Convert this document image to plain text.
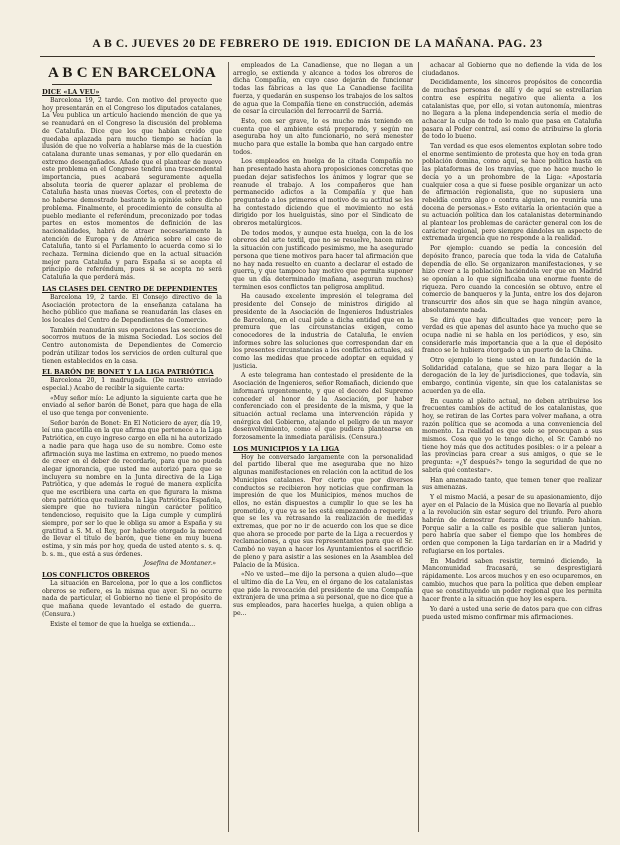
A B C. JUEVES 20 DE FEBRERO DE 1919. EDICION DE LA MAÑANA. PAG. 23
A B C EN BARCELONA
DICE «LA VEU»
Barcelona 19, 2 tarde. Con motivo del proyecto que hoy presentarán en el Congreso los diputados catalanes, La Veu publica un artículo haciendo mención de que ya se reanudará en el Congreso la discusión del problema de Cataluña. Dice que los que habían creído que quedaba aplazada para mucho tiempo se hacían la ilusión de que no volvería a hablarse más de la cuestión catalana durante unas semanas, y por ello quedarán en extremo desengañados. Añade que el plantear de nuevo este problema en el Congreso tendrá una trascendental importancia, pues acabará seguramente aquella absoluta teoría de querer aplazar el problema de Cataluña hasta unas nuevas Cortes, con el pretexto de no haberse demostrado bastante la opinión sobre dicho problema. Finalmente, el procedimiento de consulta al pueblo mediante el referéndum, preconizado por todas partes en estos momentos de definición de las nacionalidades, habrá de atraer necesariamente la atención de Europa y de América sobre el caso de Cataluña, tanto si el Parlamento lo acuerda como si lo rechaza. Termina diciendo que en la actual situación mejor para Cataluña y para España si se acepta el principio de referéndum, pues si se acepta no será Cataluña la que perderá más.
LAS CLASES DEL CENTRO DE DEPENDIENTES
Barcelona 19, 2 tarde. El Consejo directivo de la Asociación protectora de la enseñanza catalana ha hecho público que mañana se reanudarán las clases en los locales del Centro de Dependientes de Comercio.
También reanudarán sus operaciones las secciones de socorros mutuos de la misma Sociedad. Los socios del Centro autonomista de Dependientes de Comercio podrán utilizar todos los servicios de orden cultural que tienen establecidos en la casa.
EL BARÓN DE BONET Y LA LIGA PATRIÓTICA
Barcelona 20, 1 madrugada. (De nuestro enviado especial.) Acabo de recibir la siguiente carta:
«Muy señor mío: Le adjunto la siguiente carta que he enviado al señor barón de Bonet, para que haga de ella el uso que tenga por conveniente.
Señor barón de Bonet: En El Noticiero de ayer, día 19, leí una gacetilla en la que afirma que pertenece a la Liga Patriótica, en cuyo ingreso cargo en ella ni ha autorizado a nadie para que haga uso de su nombre. Como este afirmación suya me lastima en extremo, no puedo menos de creer en el deber de recordarle, para que no pueda alegar ignorancia, que usted me autorizó para que se incluyera su nombre en la Junta directiva de la Liga Patriótica, y que además le rogué de manera explícita que me escribiera una carta en que figurara la misma obra patriótica que realizaba la Liga Patriótica Española, siempre que no tuviera ningún carácter político tendencioso, requisito que la Liga cumple y cumplirá siempre, por ser lo que le obliga su amor a España y su gratitud a S. M. el Rey, por haberle otorgado la merced de llevar el título de barón, que tiene en muy buena estima, y sin más por hoy, queda de usted atento s. s. q. b. s. m., que está a sus órdenes.
Josefina de Montaner.»
LOS CONFLICTOS OBREROS
La situación en Barcelona, por lo que a los conflictos obreros se refiere, es la misma que ayer. Si no ocurre nada de particular, el Gobierno no tiene el propósito de que mañana quede levantado el estado de guerra. (Censura.)
Existe el temor de que la huelga se extienda...
empleados de La Canadiense, que no llegan a un arreglo, se extienda y alcance a todos los obreros de dicha Compañía, en cuyo caso dejarán de funcionar todas las fábricas a las que La Canadiense facilita fuerza, y quedarán en suspenso los trabajos de los saltos de agua que la Compañía tiene en construcción, además de cesar la circulación del ferrocarril de Sarriá.
Esto, con ser grave, lo es mucho más teniendo en cuenta que el ambiente está preparado, y según me aseguraba hoy un alto funcionario, no será menester mucho para que estalle la bomba que han cargado entre todos.
Los empleados en huelga de la citada Compañía no han presentado hasta ahora proposiciones concretas que puedan dejar satisfechos los ánimos y lograr que se reanude el trabajo. A los compañeros que han permanecido adictos a la Compañía y que han preguntado a los primeros el motivo de su actitud se les ha contestado diciendo que el movimiento no está dirigido por los huelguistas, sino por el Sindicato de obreros metalúrgicos.
De todos modos, y aunque esta huelga, con la de los obreros del arte textil, que no se resuelve, hacen mirar la situación con justificado pesimismo, me ha asegurado persona que tiene motivos para hacer tal afirmación que no hay nada resuelto en cuanto a declarar el estado de guerra, y que tampoco hay motivo que permita suponer que un día determinado (mañana, aseguran muchos) terminen esos conflictos tan peligrosa amplitud.
Ha causado excelente impresión el telegrama del presidente del Consejo de ministros dirigido al presidente de la Asociación de Ingenieros Industriales de Barcelona, en el cual pide a dicha entidad que en la premura que las circunstancias exigen, como conocedores de la industria de Cataluña, le envíen informes sobre las soluciones que correspondan dar en los presentes circunstancias a los conflictos actuales, así como las medidas que procede adoptar en equidad y justicia.
A este telegrama han contestado el presidente de la Asociación de Ingenieros, señor Romañach, diciendo que informará urgentemente, y que el decoro del Supremo conceder el honor de la Asociación, por haber conferenciado con el presidente de la misma, y que la situación actual reclama una intervención rápida y enérgica del Gobierno, atajando el peligro de un mayor desenvolvimiento, como el que pudiera plantearse en forzosamente la inmediata parálisis. (Censura.)
LOS MUNICIPIOS Y LA LIGA
Hoy he conversado largamente con la personalidad del partido liberal que me aseguraba que no hizo algunas manifestaciones en relación con la actitud de los Municipios catalanes. Por cierto que por diversos conductos se recibieron hoy noticias que confirman la impresión de que los Municipios, menos muchos de ellos, no están dispuestos a cumplir lo que se les ha prometido, y que ya se les está empezando a requerir, y que se les va retrasando la realización de medidas extremas, que por no ir de acuerdo con los que se dice que ahora se procede por parte de la Liga a recuerdos y reclamaciones, a que sus representantes para que el Sr. Cambó no vayan a hacer los Ayuntamientos el sacrificio de pleno y para asistir a las sesiones en la Asamblea del Palacio de la Música.
«No ve usted—me dijo la persona a quien aludo—que el ultimo día de La Veu, en el órgano de los catalanistas que pide la revocación del presidente de una Compañía extranjera de una prima a su personal, que no dice que a sus empleados, para hacerles huelga, a quien obliga a pe...
achacar al Gobierno que no defiende la vida de los ciudadanos.
Decididamente, los sinceros propósitos de concordia de muchas personas de allí y de aquí se estrellarían contra ese espíritu negativo que alienta a los catalanistas que, por ello, si votan autonomía, mientras no llegara a la plena independencia sería el medio de achacar la culpa de todo lo malo que pasa en Cataluña pasara al Poder central, así como de atribuirse la gloria de todo lo bueno.
Tan verdad es que esos elementos explotan sobre todo el enorme sentimiento de protesta que hoy en toda gran población domina, como aquí, se hace política hasta en las plataformas de los tranvías, que no hace mucho le decía yo a un prohombre de la Liga: «Apostaría cualquier cosa a que si fuese posible organizar un acto de afirmación regionalista, que no supusiera una rebeldía contra algo o contra alguien, no reuniría una docena de personas.» Esto evitaría la orientación que a su actuación política dan los catalanistas determinando al plantear los problemas de carácter general con los de carácter regional, pero siempre dándoles un aspecto de extremada urgencia que no responde a la realidad.
Por ejemplo: cuando se pedía la concesión del depósito franco, parecía que toda la vida de Cataluña dependía de ello. Se organizaron manifestaciones, y se hizo creer a la población haciéndola ver que en Madrid se oponían a lo que significaba una enorme fuente de riqueza. Pero cuando la concesión se obtuvo, entre el comercio de banqueros y la Junta, entre los dos dejaron transcurrir dos años sin que se haga ningún avance, absolutamente nada.
Se dirá que hay dificultades que vencer; pero la verdad es que apenas del asunto hace ya mucho que se ocupa nadie ni se habla en los periódicos, y eso, sin considerarle más importancia que a la que el depósito franco se le hubiera otorgado a un puerto de la China.
Otro ejemplo lo tiene usted en la fundación de la Solidaridad catalana, que se hizo para llegar a la derogación de la ley de jurisdicciones, que todavía, sin embargo, continúa vigente, sin que los catalanistas se acuerden ya de ella.
En cuanto al pleito actual, no deben atribuirse los frecuentes cambios de actitud de los catalanistas, que hoy, se retiran de las Cortes para volver mañana, a otra razón política que se acomoda a una conveniencia del momento. La realidad es que solo se preocupan a sus mismos. Cosa que yo le tengo dicho, el Sr. Cambó no tiene hoy más que dos actitudes posibles: o ir a pelear a las provincias para crear a sus amigos, o que se le pregunta: «¿Y después?» tengo la seguridad de que no sabría qué contestar».
Han amenazado tanto, que temen tener que realizar sus amenazas.
Y el mismo Maciá, a pesar de su apasionamiento, dijo ayer en el Palacio de la Música que no llevaría al pueblo a la revolución sin estar seguro del triunfo. Pero ahora habrán de demostrar fuerza de que triunfo habían. Porque salir a la calle es posible que salieran juntos, pero habría que saber el tiempo que los hombres de orden que componen la Liga tardarían en ir a Madrid y refugiarse en los portales.
En Madrid saben resistir, terminó diciendo, la Mancomunidad fracasará, se desprestigiará rápidamente. Los arcos muchos y en eso ocuparemos, en cambio, muchos que para la política que deben emplear que se constituyendo un poder regional que les permita hacer frente a la situación que hoy les espera.
Yo daré a usted una serie de datos para que con cifras pueda usted mismo confirmar mis afirmaciones.
